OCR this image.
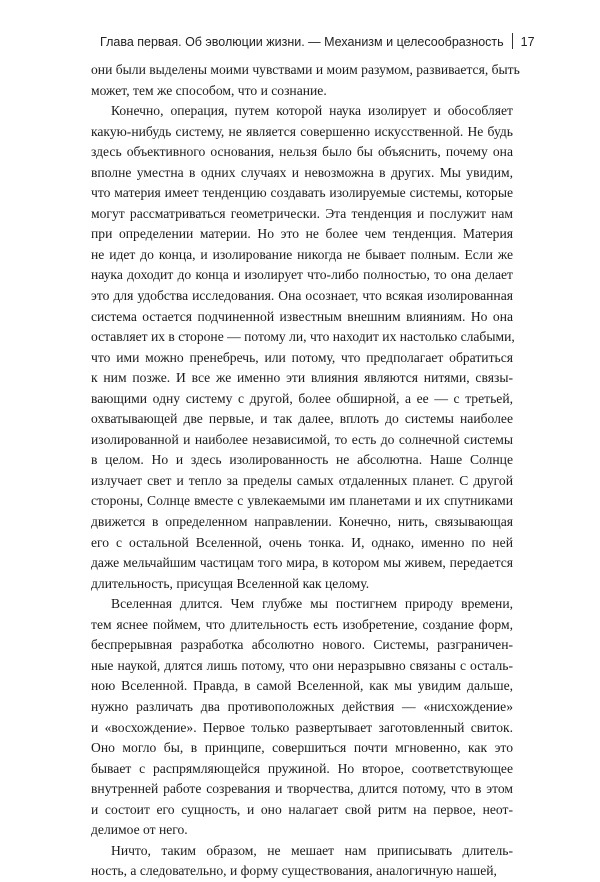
Глава первая. Об эволюции жизни. — Механизм и целесообразность 17
они были выделены моими чувствами и моим разумом, развивается, быть
может, тем же способом, что и сознание.
Конечно, операция, путем которой наука изолирует и обособляет
какую-нибудь систему, не является совершенно искусственной. Не будь
здесь объективного основания, нельзя было бы объяснить, почему она
вполне уместна в одних случаях и невозможна в других. Мы увидим,
что материя имеет тенденцию создавать изолируемые системы, которые
могут рассматриваться геометрически. Эта тенденция и послужит нам
при определении материи. Но это не более чем тенденция. Материя
не идет до конца, и изолирование никогда не бывает полным. Если же
наука доходит до конца и изолирует что-либо полностью, то она делает
это для удобства исследования. Она осознает, что всякая изолированная
система остается подчиненной известным внешним влияниям. Но она
оставляет их в стороне — потому ли, что находит их настолько слабыми,
что ими можно пренебречь, или потому, что предполагает обратиться
к ним позже. И все же именно эти влияния являются нитями, связы-
вающими одну систему с другой, более обширной, а ее — с третьей,
охватывающей две первые, и так далее, вплоть до системы наиболее
изолированной и наиболее независимой, то есть до солнечной системы
в целом. Но и здесь изолированность не абсолютна. Наше Солнце
излучает свет и тепло за пределы самых отдаленных планет. С другой
стороны, Солнце вместе с увлекаемыми им планетами и их спутниками
движется в определенном направлении. Конечно, нить, связывающая
его с остальной Вселенной, очень тонка. И, однако, именно по ней
даже мельчайшим частицам того мира, в котором мы живем, передается
длительность, присущая Вселенной как целому.
Вселенная длится. Чем глубже мы постигнем природу времени,
тем яснее поймем, что длительность есть изобретение, создание форм,
беспрерывная разработка абсолютно нового. Системы, разграничен-
ные наукой, длятся лишь потому, что они неразрывно связаны с осталь-
ною Вселенной. Правда, в самой Вселенной, как мы увидим дальше,
нужно различать два противоположных действия — «нисхождение»
и «восхождение». Первое только развертывает заготовленный свиток.
Оно могло бы, в принципе, совершиться почти мгновенно, как это
бывает с распрямляющейся пружиной. Но второе, соответствующее
внутренней работе созревания и творчества, длится потому, что в этом
и состоит его сущность, и оно налагает свой ритм на первое, неот-
делимое от него.
Ничто, таким образом, не мешает нам приписывать длитель-
ность, а следовательно, и форму существования, аналогичную нашей,
